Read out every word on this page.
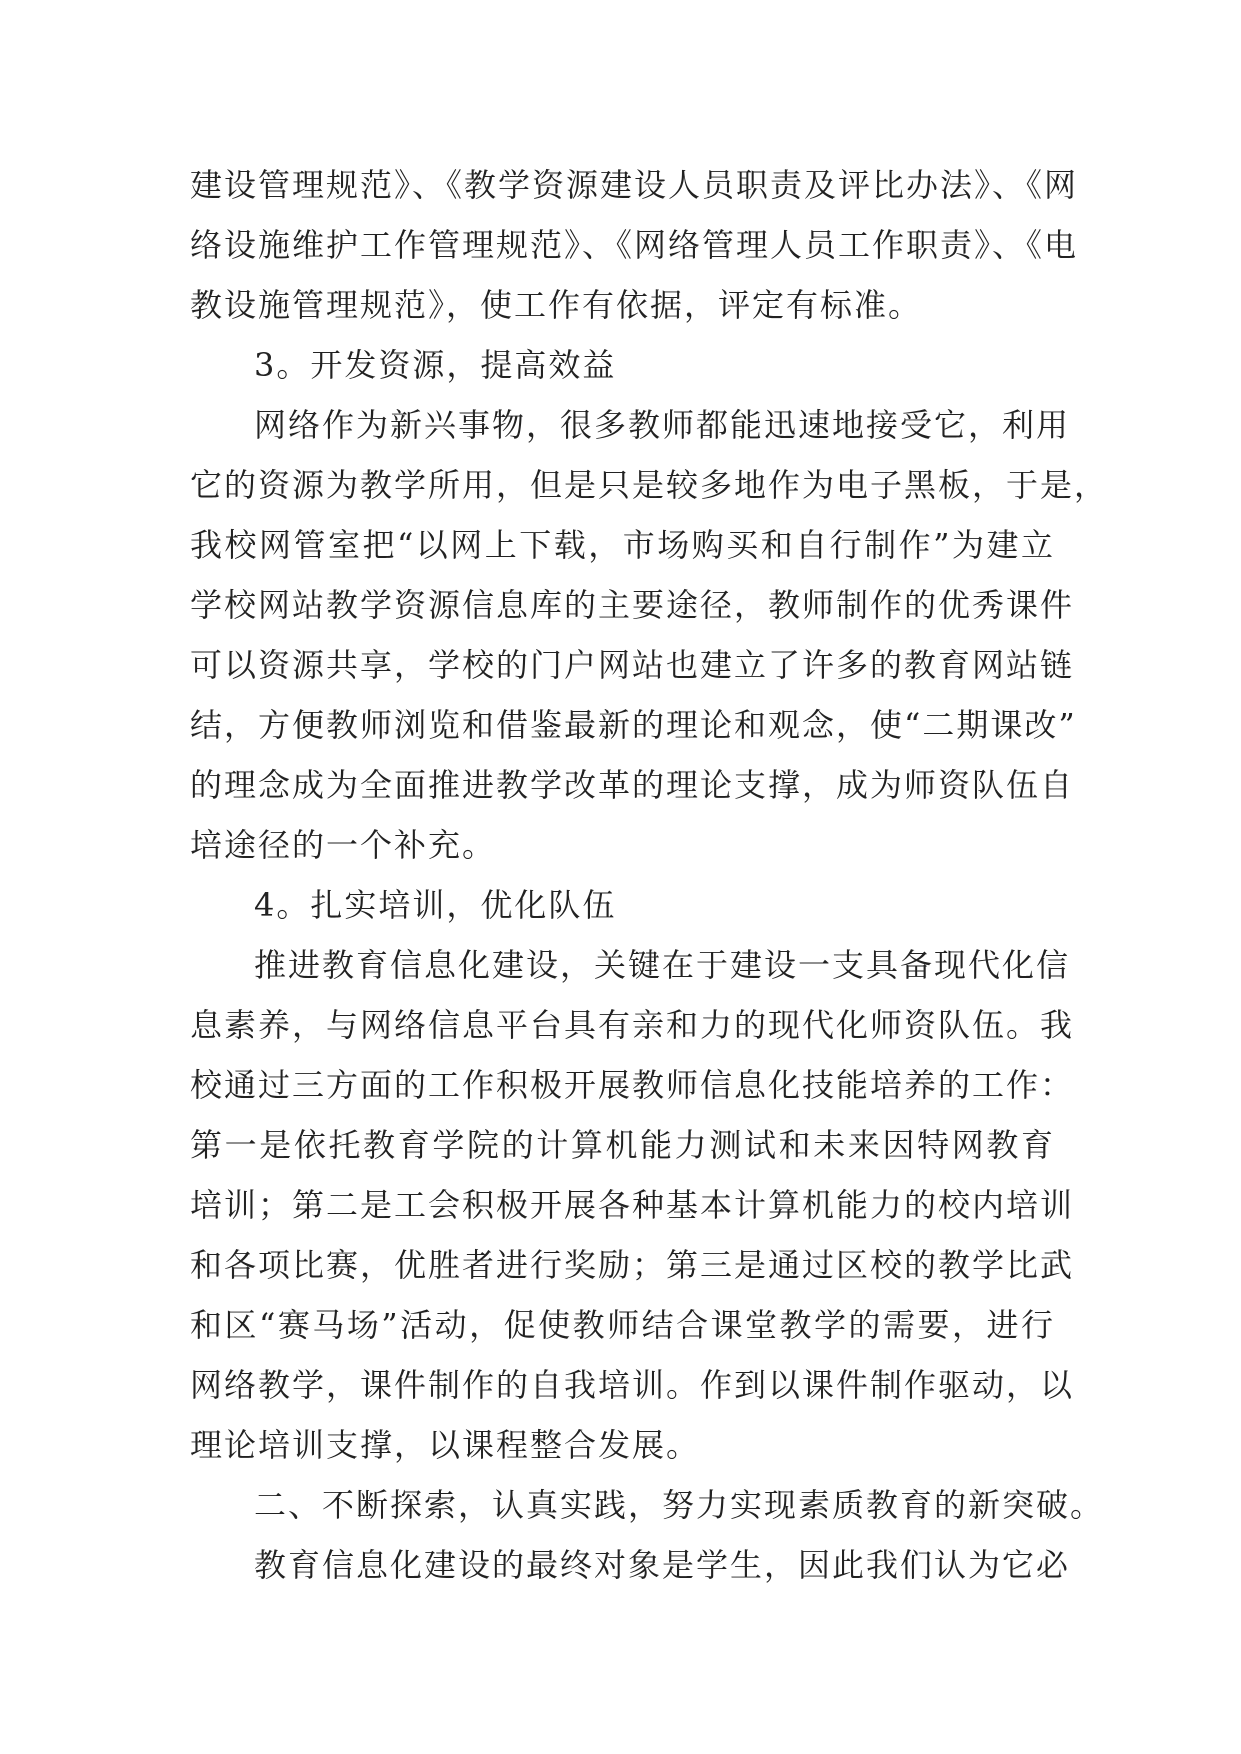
建设管理规范》、《教学资源建设人员职责及评比办法》、《网
络设施维护工作管理规范》、《网络管理人员工作职责》、《电
教设施管理规范》，使工作有依据，评定有标准。
3。开发资源，提高效益
网络作为新兴事物，很多教师都能迅速地接受它，利用
它的资源为教学所用，但是只是较多地作为电子黑板，于是，
我校网管室把“以网上下载，市场购买和自行制作”为建立
学校网站教学资源信息库的主要途径，教师制作的优秀课件
可以资源共享，学校的门户网站也建立了许多的教育网站链
结，方便教师浏览和借鉴最新的理论和观念，使“二期课改”
的理念成为全面推进教学改革的理论支撑，成为师资队伍自
培途径的一个补充。
4。扎实培训，优化队伍
推进教育信息化建设，关键在于建设一支具备现代化信
息素养，与网络信息平台具有亲和力的现代化师资队伍。我
校通过三方面的工作积极开展教师信息化技能培养的工作：
第一是依托教育学院的计算机能力测试和未来因特网教育
培训；第二是工会积极开展各种基本计算机能力的校内培训
和各项比赛，优胜者进行奖励；第三是通过区校的教学比武
和区“赛马场”活动，促使教师结合课堂教学的需要，进行
网络教学，课件制作的自我培训。作到以课件制作驱动，以
理论培训支撑，以课程整合发展。
二、不断探索，认真实践，努力实现素质教育的新突破。
教育信息化建设的最终对象是学生，因此我们认为它必
